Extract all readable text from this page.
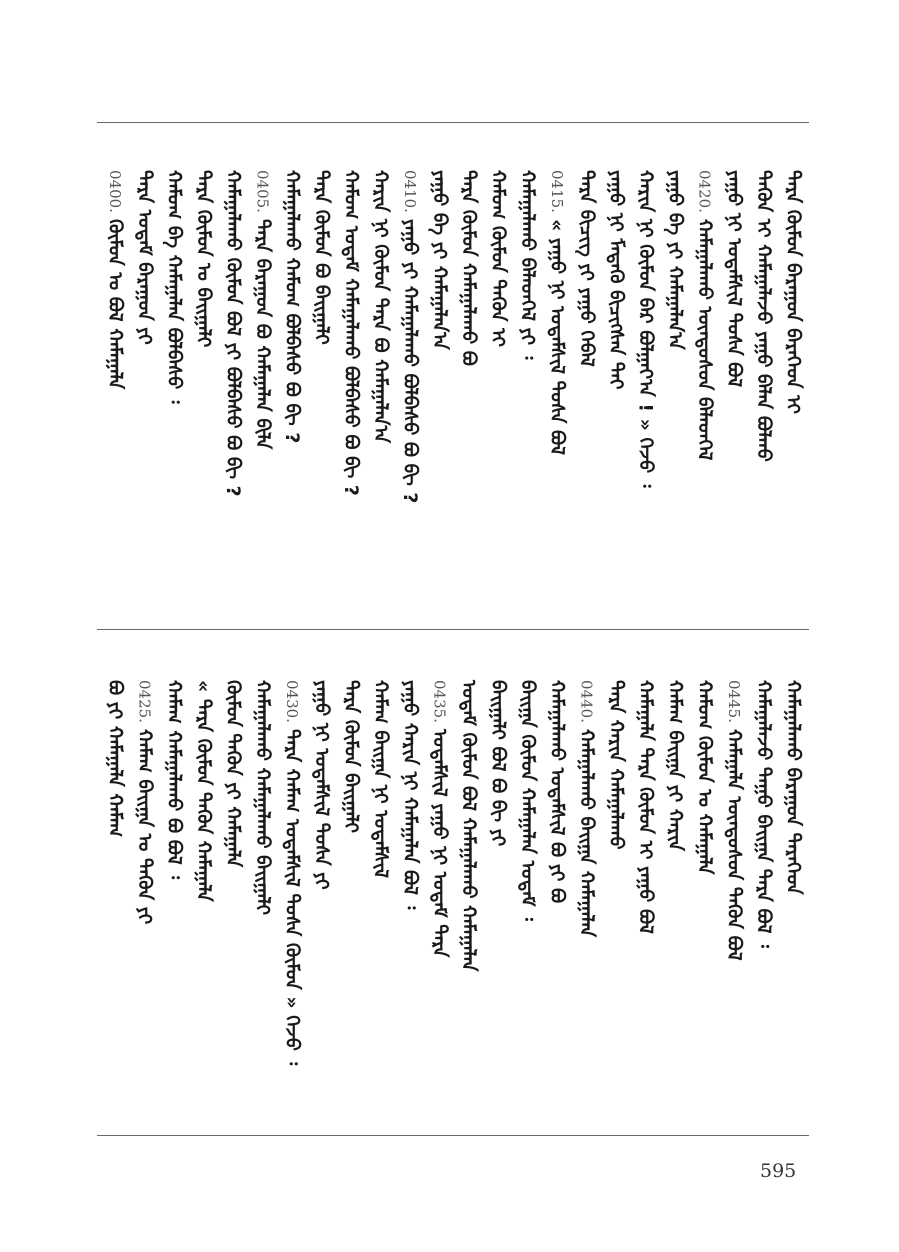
ᠲᠡᠷᠡ ᠬᠦᠮᠦᠨ ᠪᠠᠷᠠᠭᠤᠨ ᠪᠡᠷᠡᠭᠡᠳ ᠢ
ᠲᠡᠭᠦᠨ ᠢ ᠬᠠᠮᠠᠭᠠᠯᠠᠵᠤ ᠶᠠᠭᠤ ᠪᠡᠯᠡᠨ ᠪᠣᠯᠬᠤ
ᠶᠠᠭᠤ ᠨᠢ ᠤᠳᠠᠮᠰᠢᠯ ᠲᠤᠰᠠ ᠪᠣᠯ
0420.ᠬᠠᠮᠠᠭᠠᠯᠠᠬᠤ ᠦᠨᠳᠦᠰᠦᠨ ᠪᠡᠯᠡᠳᠬᠡᠯ
ᠶᠠᠭᠤ ᠪᠠ ᠶᠢ ᠬᠠᠮᠠᠭᠠᠯᠠᠨ᠎ᠠ
ᠬᠠᠷᠢᠨ ᠨᠢ ᠬᠦᠮᠦᠨ ᠪᠠᠷ ᠪᠣᠯᠭᠠᠶ᠎ᠠ ! » ᠭᠡᠵᠦ ᠄
ᠶᠠᠭᠤ ᠨᠢ ᠮᠡᠳᠡᠬᠦ ᠪᠢᠴᠢᠭᠰᠡᠨ ᠲᠠᠢ
ᠲᠡᠷᠡ ᠪᠢᠴᠢᠭ ᠶᠢ ᠶᠠᠭᠤ ᠬᠡᠪᠡᠯ
0415.« ᠶᠠᠭᠤ ᠨᠢ ᠤᠳᠠᠮᠰᠢᠯ ᠲᠤᠰᠠ ᠪᠣᠯ
ᠬᠠᠮᠠᠭᠠᠯᠠᠬᠤ ᠪᠡᠯᠡᠳᠬᠡᠯ ᠶᠢ ᠄
ᠬᠠᠮᠤᠭ ᠬᠦᠮᠦᠨ ᠲᠡᠭᠦᠨ ᠢ
ᠲᠡᠷᠡ ᠬᠦᠮᠦᠨ ᠬᠠᠮᠠᠭᠠᠯᠠᠬᠤ ᠪᠣ
ᠶᠠᠭᠤ ᠪᠠ ᠶᠢ ᠬᠠᠮᠠᠭᠠᠯᠠᠨ᠎ᠠ
0410.ᠶᠠᠭᠤ ᠶᠢ ᠬᠠᠮᠠᠭᠠᠯᠠᠬᠤ ᠪᠣᠯᠪᠠᠰᠤ ᠪᠣ ᠪᠢ ?
ᠬᠠᠷᠢᠨ ᠨᠢ ᠬᠦᠮᠦᠨ ᠲᠡᠷᠡ ᠪᠣ ᠬᠠᠮᠠᠭᠠᠯᠠᠨ᠎ᠠ
ᠬᠠᠮᠤᠭ ᠤᠳᠠᠮ ᠬᠠᠮᠠᠭᠠᠯᠠᠬᠤ ᠪᠣᠯᠪᠠᠰᠤ ᠪᠣ ᠪᠢ ?
ᠲᠡᠷᠡ ᠬᠦᠮᠦᠨ ᠪᠣ ᠪᠠᠢᠭᠠᠯᠢ
ᠬᠠᠮᠠᠭᠠᠯᠠᠬᠤ ᠬᠠᠮᠤᠭ ᠪᠣᠯᠪᠠᠰᠤ ᠪᠣ ᠪᠢ ?
0405.ᠲᠡᠷᠡ ᠪᠠᠷᠠᠭᠤᠨ ᠪᠣ ᠬᠠᠮᠠᠭᠠᠯᠠᠨ ᠪᠢᠯᠡ
ᠬᠠᠮᠠᠭᠠᠯᠠᠬᠤ ᠬᠦᠮᠦᠨ ᠪᠣᠯ ᠶᠢ ᠪᠣᠯᠪᠠᠰᠤ ᠪᠣ ᠪᠢ ?
ᠲᠡᠷᠡ ᠬᠦᠮᠦᠨ ᠤ ᠪᠠᠢᠭᠠᠯᠢ
ᠬᠠᠮᠤᠭ ᠪᠠ ᠬᠠᠮᠠᠭᠠᠯᠠᠨ ᠪᠣᠯᠪᠠᠰᠤ ᠄
ᠲᠡᠷᠡ ᠤᠳᠠᠮ ᠪᠠᠷᠠᠭᠤᠨ ᠶᠢ
0400.ᠬᠦᠮᠦᠨ ᠤ ᠪᠣᠯ ᠬᠠᠮᠠᠭᠠᠯᠠ
ᠬᠠᠮᠠᠭᠠᠯᠠᠬᠤ ᠪᠠᠷᠠᠭᠤᠨ ᠲᠡᠷᠡᠭᠡᠳ
ᠬᠠᠮᠠᠭᠠᠯᠠᠵᠤ ᠳᠠᠭᠤ ᠪᠠᠢᠭᠠ ᠲᠡᠷᠡ ᠪᠣᠯ ᠄
0445.ᠬᠠᠮᠠᠭᠠᠯᠠ ᠦᠨᠳᠦᠰᠦᠨ ᠲᠡᠭᠦᠨ ᠪᠣᠯ
ᠬᠠᠮᠤᠭ ᠬᠦᠮᠦᠨ ᠤ ᠬᠠᠮᠠᠭᠠᠯᠠ
ᠬᠠᠮᠠᠭ ᠪᠠᠢᠭᠠ ᠶᠢ ᠬᠠᠷᠢᠨ
ᠬᠠᠮᠠᠭᠠᠯᠠ ᠲᠡᠷᠡ ᠬᠦᠮᠦᠨ ᠢ ᠶᠠᠭᠤ ᠪᠣᠯ
ᠲᠡᠷᠡ ᠬᠠᠷᠢᠨ ᠬᠠᠮᠠᠭᠠᠯᠠᠬᠤ
0440.ᠬᠠᠮᠠᠭᠠᠯᠠᠬᠤ ᠪᠠᠢᠭᠠ ᠬᠠᠮᠠᠭᠠᠯᠠᠨ
ᠬᠠᠮᠠᠭᠠᠯᠠᠬᠤ ᠤᠳᠠᠮᠰᠢᠯ ᠪᠣ ᠶᠢ ᠪᠣ
ᠪᠠᠢᠭᠠ ᠬᠦᠮᠦᠨ ᠬᠠᠮᠠᠭᠠᠯᠠᠨ ᠤᠳᠠᠮ ᠄
ᠪᠠᠢᠭᠠᠯᠢ ᠪᠣᠯ ᠪᠣ ᠪᠢ ᠶᠢ
ᠤᠳᠠᠮ ᠬᠦᠮᠦᠨ ᠪᠣᠯ ᠬᠠᠮᠠᠭᠠᠯᠠᠬᠤ ᠬᠠᠮᠠᠭᠠᠯᠠᠨ
0435.ᠤᠳᠠᠮᠰᠢᠯ ᠶᠠᠭᠤ ᠨᠢ ᠤᠳᠠᠮ ᠲᠡᠷᠡ
ᠶᠠᠭᠤ ᠬᠠᠷᠢᠨ ᠨᠢ ᠬᠠᠮᠠᠭᠠᠯᠠᠨ ᠪᠣᠯ ᠄
ᠬᠠᠮᠠᠭ ᠪᠠᠢᠭᠠ ᠨᠢ ᠤᠳᠠᠮᠰᠢᠯ
ᠲᠡᠷᠡ ᠬᠦᠮᠦᠨ ᠪᠠᠢᠭᠠᠯᠢ
ᠶᠠᠭᠤ ᠨᠢ ᠤᠳᠠᠮᠰᠢᠯ ᠲᠤᠰᠠ ᠶᠢ
0430.ᠲᠡᠷᠡ ᠬᠠᠮᠠᠭ ᠤᠳᠠᠮᠰᠢᠯ ᠲᠤᠰᠠ ᠬᠦᠮᠦᠨ » ᠭᠡᠵᠦ ᠄
ᠬᠠᠮᠠᠭᠠᠯᠠᠬᠤ ᠬᠠᠮᠠᠭᠠᠯᠠᠬᠤ ᠪᠠᠢᠭᠠᠯᠢ
ᠬᠦᠮᠦᠨ ᠲᠡᠭᠦᠨ ᠶᠢ ᠬᠠᠮᠠᠭᠠᠯᠠ
« ᠲᠡᠷᠡ ᠬᠦᠮᠦᠨ ᠲᠡᠭᠦᠨ ᠬᠠᠮᠠᠭᠠᠯᠠ
ᠬᠠᠮᠠᠭ ᠬᠠᠮᠠᠭᠠᠯᠠᠬᠤ ᠪᠣ ᠪᠣᠯ ᠄
0425.ᠬᠠᠮᠠᠭ ᠪᠠᠢᠭᠠ ᠤ ᠲᠡᠭᠦᠨ ᠶᠢ
ᠪᠣ ᠶᠢ ᠬᠠᠮᠠᠭᠠᠯᠠ ᠬᠠᠮᠠᠭ
595
